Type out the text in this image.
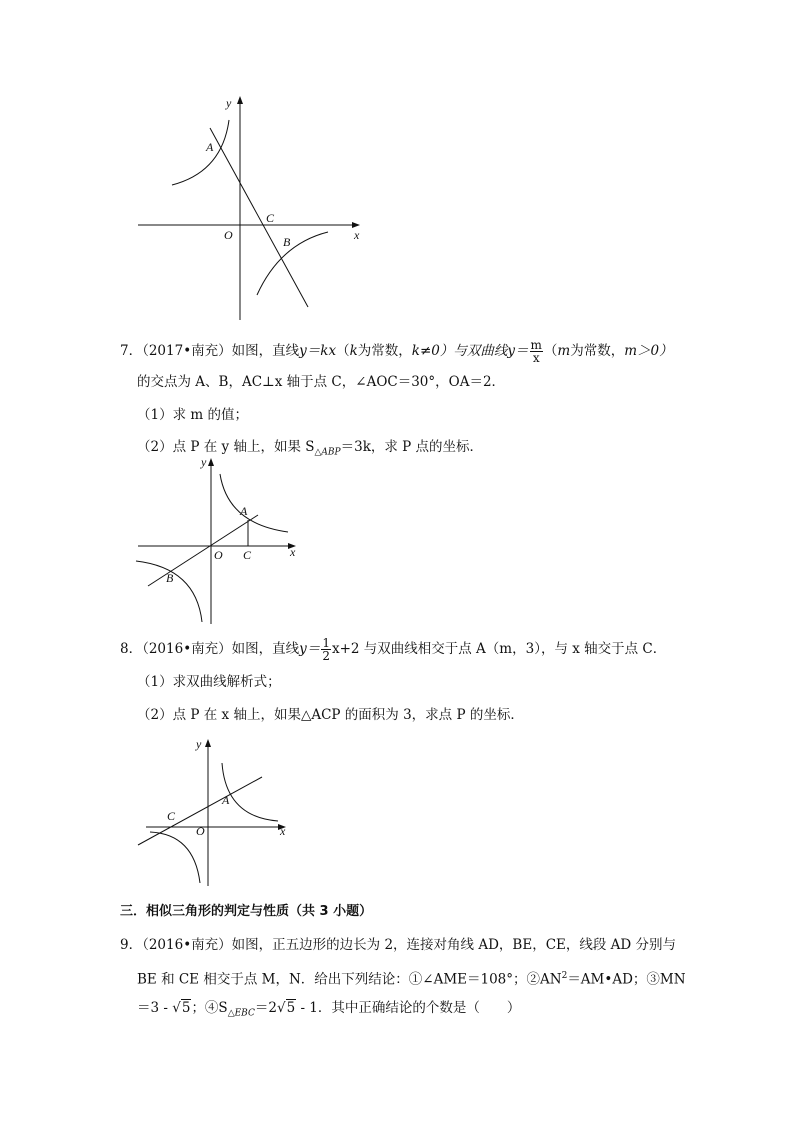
y
x
O
A
C
B
7．（2017•南充）如图，直线y＝kx（k为常数，k≠0）与双曲线$y= \frac{m}{x} (m$为常数，m＞0）
的交点为 A、B，AC⊥x 轴于点 C，∠AOC＝30°，OA＝2．
（1）求 m 的值；
（2）点 P 在 y 轴上，如果 $S_{\triangle ABP}=3k$，求 P 点的坐标．
y
x
O
A
C
B
8．（2016•南充）如图，直线$y= \frac{1}{2} x+2$ 与双曲线相交于点 A（m，3），与 x 轴交于点 C．
（1）求双曲线解析式；
（2）点 P 在 x 轴上，如果△ACP 的面积为 3，求点 P 的坐标．
y
x
O
A
C
三．相似三角形的判定与性质（共 3 小题）
9．（2016•南充）如图，正五边形的边长为 2，连接对角线 AD，BE，CE，线段 AD 分别与
BE 和 CE 相交于点 M，N．给出下列结论：①∠AME＝108°；$②AN^2=AM•AD$；③MN
＝3 - √5；$④S_{\triangle EBC}=2√5 - 1$．其中正确结论的个数是（　　）
